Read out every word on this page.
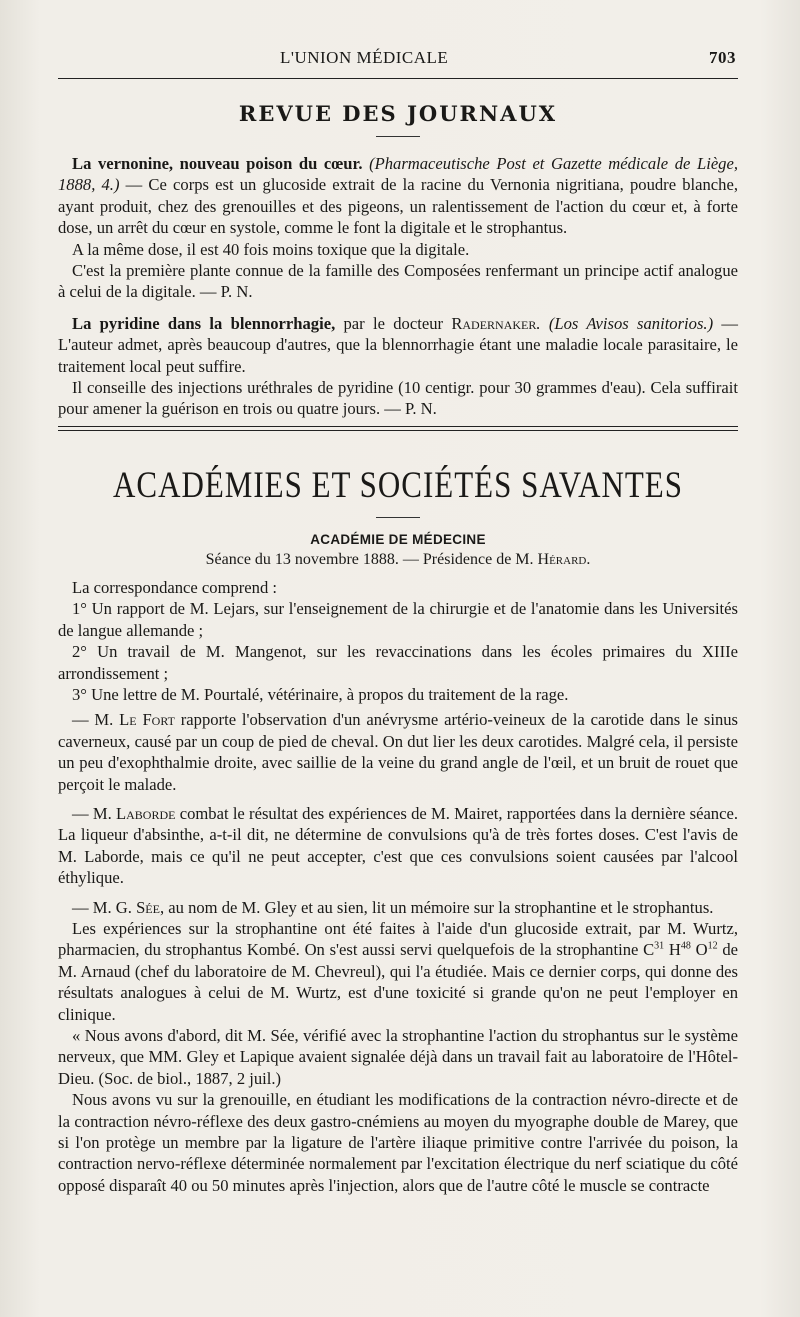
L'UNION MÉDICALE	703
REVUE DES JOURNAUX

La vernonine, nouveau poison du cœur. (Pharmaceutische Post et Gazette médicale de Liège, 1888, 4.) — Ce corps est un glucoside extrait de la racine du Vernonia nigritiana, poudre blanche, ayant produit, chez des grenouilles et des pigeons, un ralentissement de l'action du cœur et, à forte dose, un arrêt du cœur en systole, comme le font la digitale et le strophantus.

A la même dose, il est 40 fois moins toxique que la digitale.

C'est la première plante connue de la famille des Composées renfermant un principe actif analogue à celui de la digitale. — P. N.

La pyridine dans la blennorrhagie, par le docteur Radernaker. (Los Avisos sanitorios.) — L'auteur admet, après beaucoup d'autres, que la blennorrhagie étant une maladie locale parasitaire, le traitement local peut suffire.

Il conseille des injections uréthrales de pyridine (10 centigr. pour 30 grammes d'eau). Cela suffirait pour amener la guérison en trois ou quatre jours. — P. N.

ACADÉMIES ET SOCIÉTÉS SAVANTES
ACADÉMIE DE MÉDECINE
Séance du 13 novembre 1888. — Présidence de M. Hérard.

La correspondance comprend :

1° Un rapport de M. Lejars, sur l'enseignement de la chirurgie et de l'anatomie dans les Universités de langue allemande ;

2° Un travail de M. Mangenot, sur les revaccinations dans les écoles primaires du XIIIe arrondissement ;

3° Une lettre de M. Pourtalé, vétérinaire, à propos du traitement de la rage.

— M. Le Fort rapporte l'observation d'un anévrysme artério-veineux de la carotide dans le sinus caverneux, causé par un coup de pied de cheval. On dut lier les deux carotides. Malgré cela, il persiste un peu d'exophthalmie droite, avec saillie de la veine du grand angle de l'œil, et un bruit de rouet que perçoit le malade.

— M. Laborde combat le résultat des expériences de M. Mairet, rapportées dans la dernière séance. La liqueur d'absinthe, a-t-il dit, ne détermine de convulsions qu'à de très fortes doses. C'est l'avis de M. Laborde, mais ce qu'il ne peut accepter, c'est que ces convulsions soient causées par l'alcool éthylique.

— M. G. Sée, au nom de M. Gley et au sien, lit un mémoire sur la strophantine et le strophantus.

Les expériences sur la strophantine ont été faites à l'aide d'un glucoside extrait, par M. Wurtz, pharmacien, du strophantus Kombé. On s'est aussi servi quelquefois de la strophantine $C^{31}$ $H^{48}$ $O^{12}$ de M. Arnaud (chef du laboratoire de M. Chevreul), qui l'a étudiée. Mais ce dernier corps, qui donne des résultats analogues à celui de M. Wurtz, est d'une toxicité si grande qu'on ne peut l'employer en clinique.

« Nous avons d'abord, dit M. Sée, vérifié avec la strophantine l'action du strophantus sur le système nerveux, que MM. Gley et Lapique avaient signalée déjà dans un travail fait au laboratoire de l'Hôtel-Dieu. (Soc. de biol., 1887, 2 juil.)

Nous avons vu sur la grenouille, en étudiant les modifications de la contraction névro-directe et de la contraction névro-réflexe des deux gastro-cnémiens au moyen du myographe double de Marey, que si l'on protège un membre par la ligature de l'artère iliaque primitive contre l'arrivée du poison, la contraction nervo-réflexe déterminée normalement par l'excitation électrique du nerf sciatique du côté opposé disparaît 40 ou 50 minutes après l'injection, alors que de l'autre côté le muscle se contracte
